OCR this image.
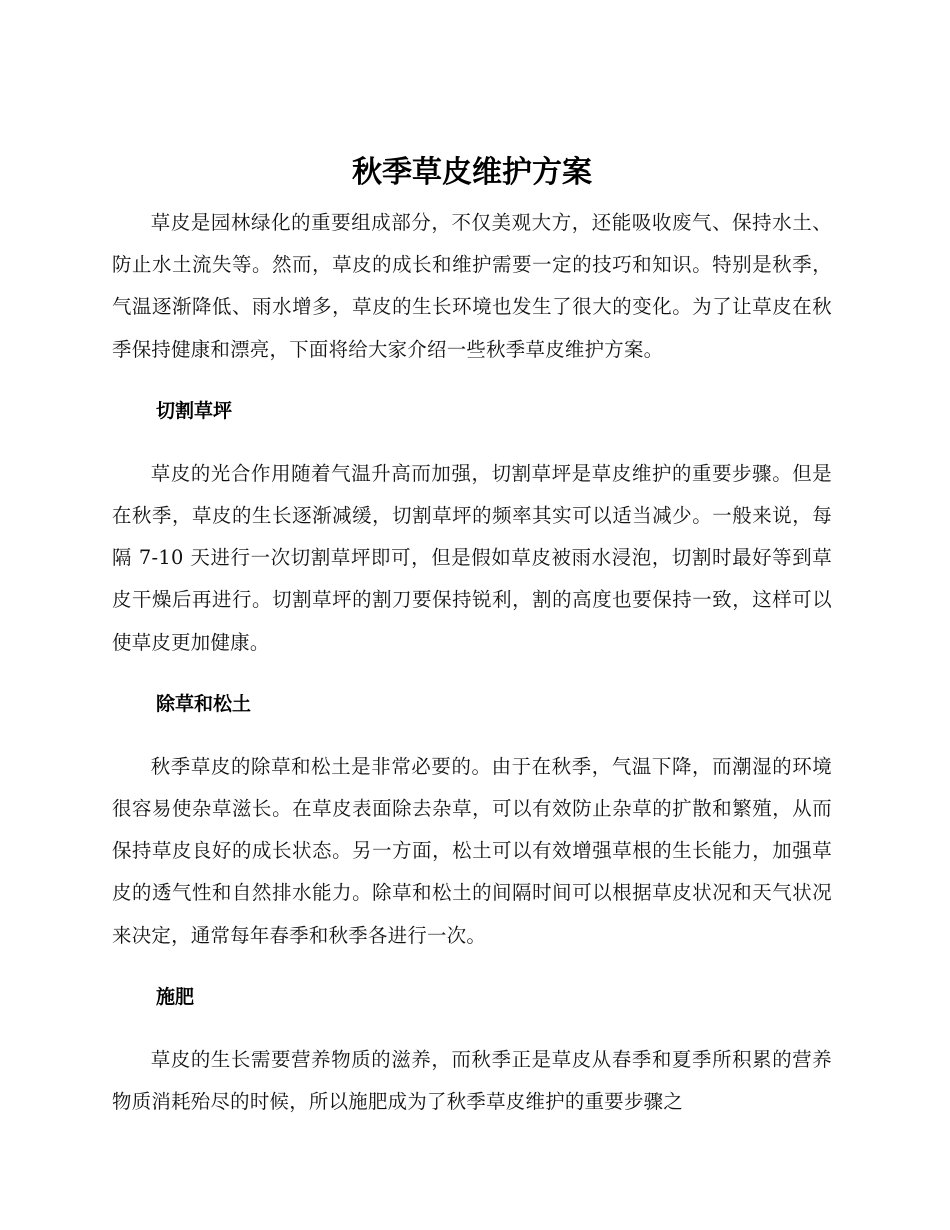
秋季草皮维护方案

草皮是园林绿化的重要组成部分，不仅美观大方，还能吸收废气、保持水土、防止水土流失等。然而，草皮的成长和维护需要一定的技巧和知识。特别是秋季，气温逐渐降低、雨水增多，草皮的生长环境也发生了很大的变化。为了让草皮在秋季保持健康和漂亮，下面将给大家介绍一些秋季草皮维护方案。

切割草坪

草皮的光合作用随着气温升高而加强，切割草坪是草皮维护的重要步骤。但是在秋季，草皮的生长逐渐减缓，切割草坪的频率其实可以适当减少。一般来说，每隔 7-10 天进行一次切割草坪即可，但是假如草皮被雨水浸泡，切割时最好等到草皮干燥后再进行。切割草坪的割刀要保持锐利，割的高度也要保持一致，这样可以使草皮更加健康。

除草和松土

秋季草皮的除草和松土是非常必要的。由于在秋季，气温下降，而潮湿的环境很容易使杂草滋长。在草皮表面除去杂草，可以有效防止杂草的扩散和繁殖，从而保持草皮良好的成长状态。另一方面，松土可以有效增强草根的生长能力，加强草皮的透气性和自然排水能力。除草和松土的间隔时间可以根据草皮状况和天气状况来决定，通常每年春季和秋季各进行一次。

施肥

草皮的生长需要营养物质的滋养，而秋季正是草皮从春季和夏季所积累的营养物质消耗殆尽的时候，所以施肥成为了秋季草皮维护的重要步骤之
